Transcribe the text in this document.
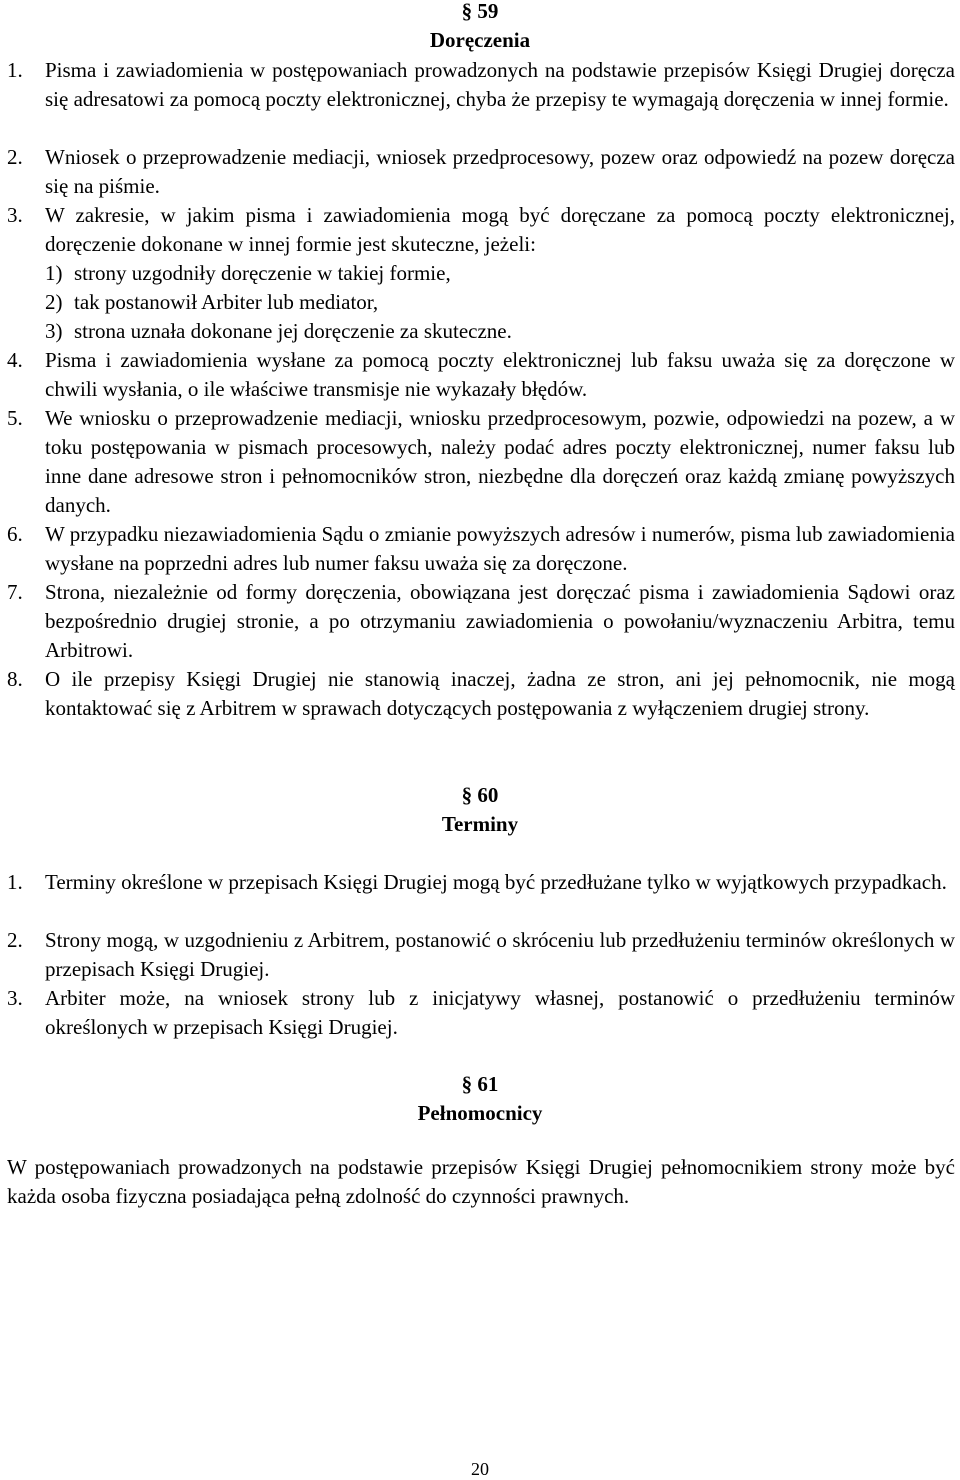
§ 59
Doręczenia
1.	Pisma i zawiadomienia w postępowaniach prowadzonych na podstawie przepisów Księgi Drugiej doręcza się adresatowi za pomocą poczty elektronicznej, chyba że przepisy te wymagają doręczenia w innej formie.
2.	Wniosek o przeprowadzenie mediacji, wniosek przedprocesowy, pozew oraz odpowiedź na pozew doręcza się na piśmie.
3.	W zakresie, w jakim pisma i zawiadomienia mogą być doręczane za pomocą poczty elektronicznej, doręczenie dokonane w innej formie jest skuteczne, jeżeli:
1) strony uzgodniły doręczenie w takiej formie,
2) tak postanowił Arbiter lub mediator,
3) strona uznała dokonane jej doręczenie za skuteczne.
4.	Pisma i zawiadomienia wysłane za pomocą poczty elektronicznej lub faksu uważa się za doręczone w chwili wysłania, o ile właściwe transmisje nie wykazały błędów.
5.	We wniosku o przeprowadzenie mediacji, wniosku przedprocesowym, pozwie, odpowiedzi na pozew, a w toku postępowania w pismach procesowych, należy podać adres poczty elektronicznej, numer faksu lub inne dane adresowe stron i pełnomocników stron, niezbędne dla doręczeń oraz każdą zmianę powyższych danych.
6.	W przypadku niezawiadomienia Sądu o zmianie powyższych adresów i numerów, pisma lub zawiadomienia wysłane na poprzedni adres lub numer faksu uważa się za doręczone.
7.	Strona, niezależnie od formy doręczenia, obowiązana jest doręczać pisma i zawiadomienia Sądowi oraz bezpośrednio drugiej stronie, a po otrzymaniu zawiadomienia o powołaniu/wyznaczeniu Arbitra, temu Arbitrowi.
8.	O ile przepisy Księgi Drugiej nie stanowią inaczej, żadna ze stron, ani jej pełnomocnik, nie mogą kontaktować się z Arbitrem w sprawach dotyczących postępowania z wyłączeniem drugiej strony.
§ 60
Terminy
1.	Terminy określone w przepisach Księgi Drugiej mogą być przedłużane tylko w wyjątkowych przypadkach.
2.	Strony mogą, w uzgodnieniu z Arbitrem, postanowić o skróceniu lub przedłużeniu terminów określonych w przepisach Księgi Drugiej.
3.	Arbiter może, na wniosek strony lub z inicjatywy własnej, postanowić o przedłużeniu terminów określonych w przepisach Księgi Drugiej.
§ 61
Pełnomocnicy
W postępowaniach prowadzonych na podstawie przepisów Księgi Drugiej pełnomocnikiem strony może być każda osoba fizyczna posiadająca pełną zdolność do czynności prawnych.
20
